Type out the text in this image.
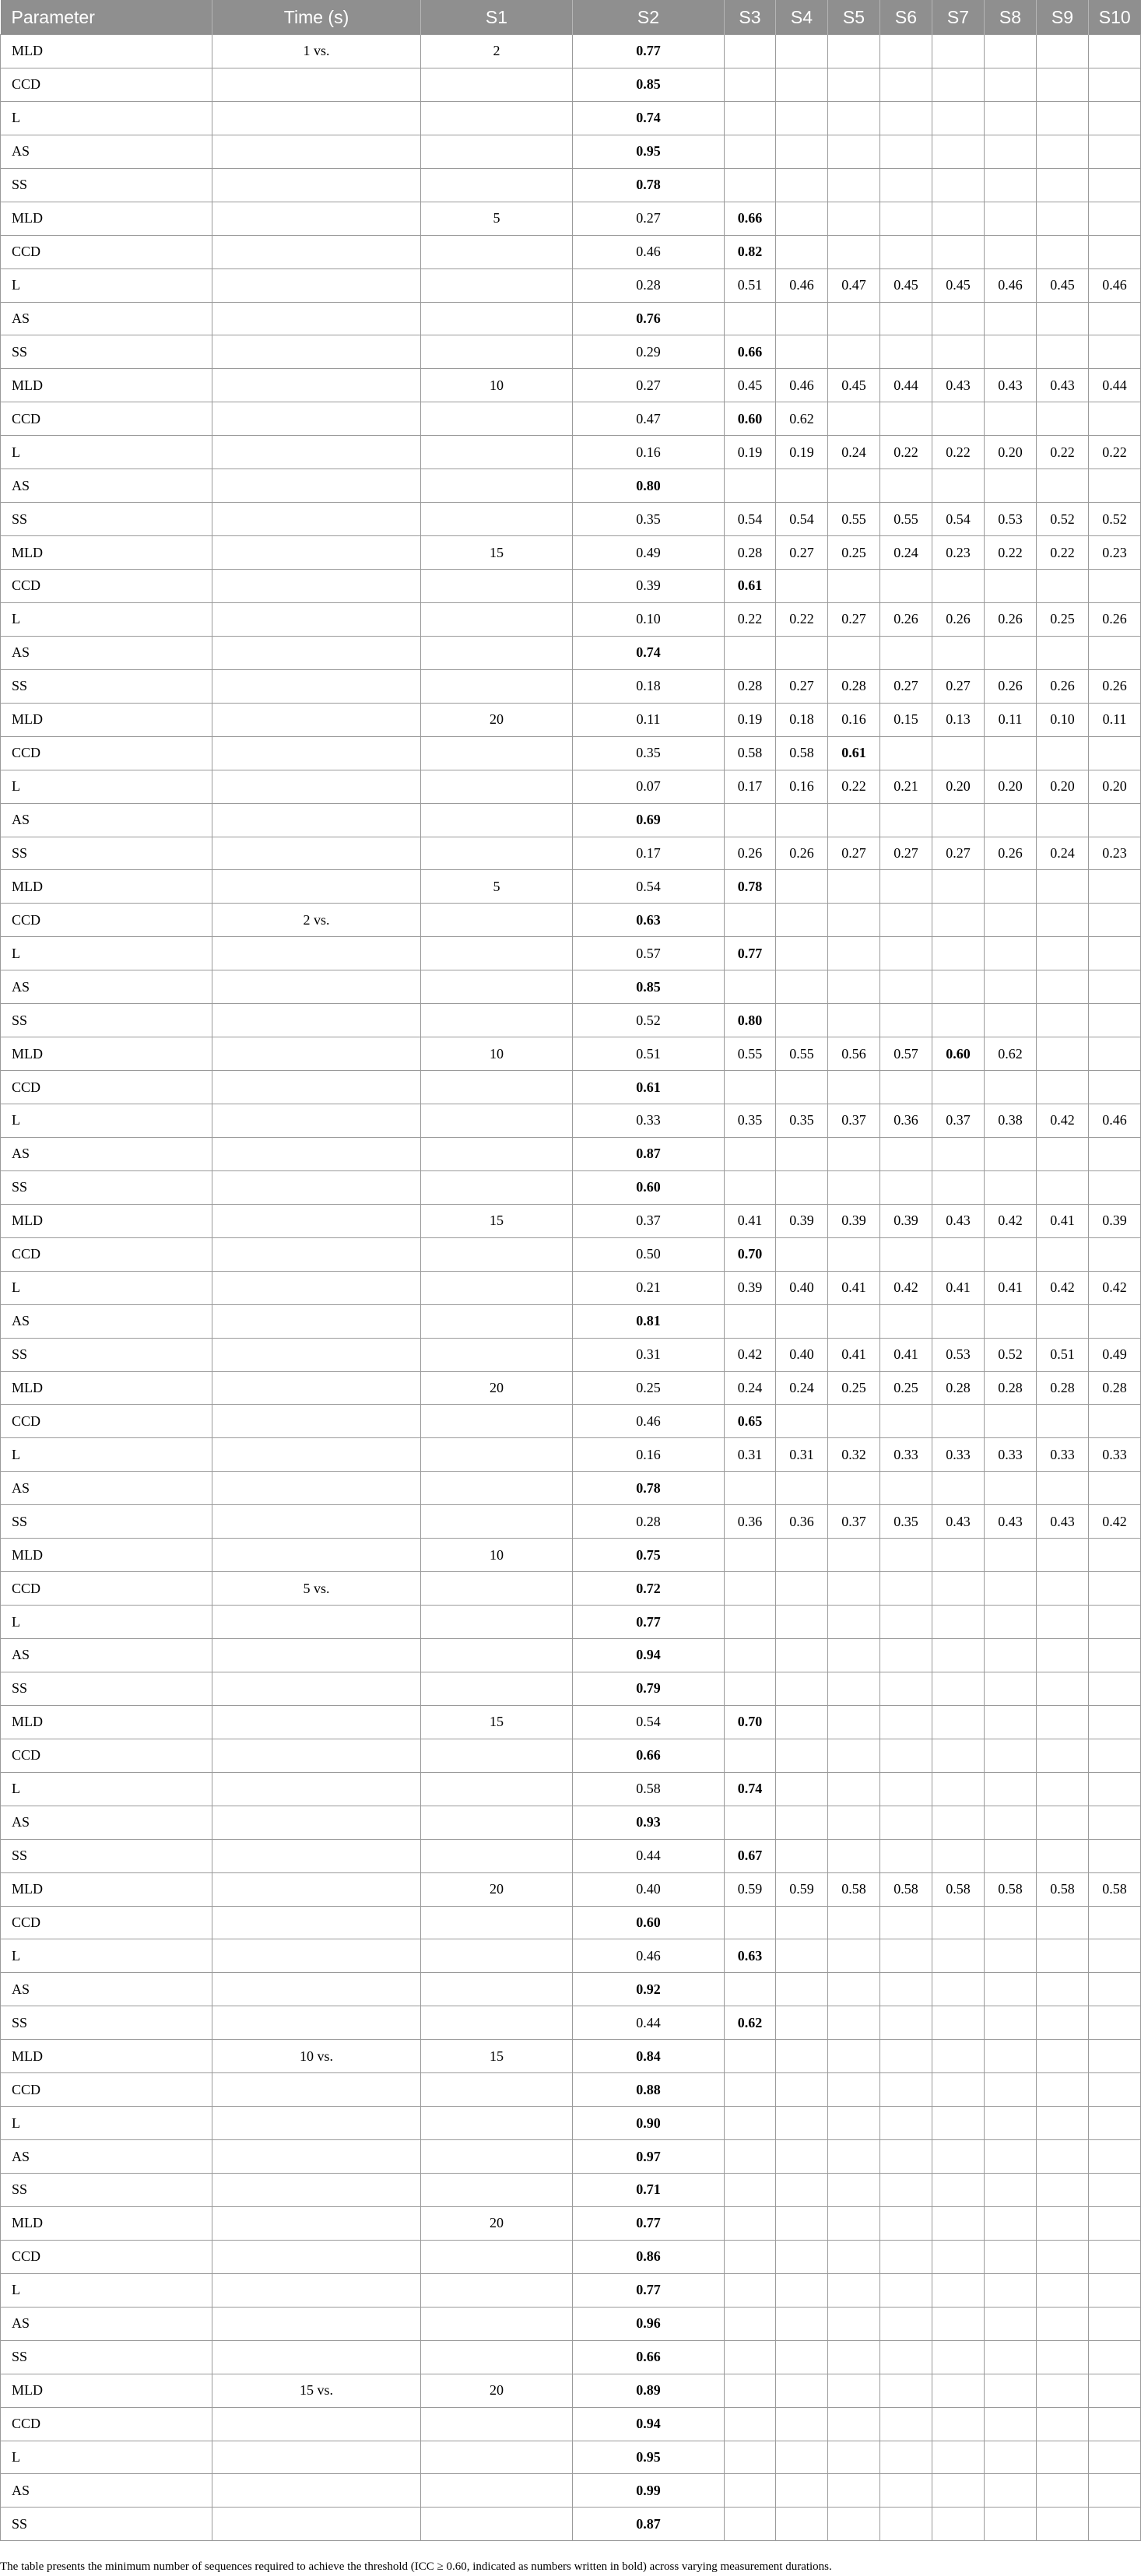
Parameter	Time (s)	S1	S2	S3	S4	S5	S6	S7	S8	S9	S10
MLD	1 vs.	2	0.77								
CCD			0.85								
L			0.74								
AS			0.95								
SS			0.78								
MLD		5	0.27	0.66							
CCD			0.46	0.82							
L			0.28	0.51	0.46	0.47	0.45	0.45	0.46	0.45	0.46
AS			0.76								
SS			0.29	0.66							
MLD		10	0.27	0.45	0.46	0.45	0.44	0.43	0.43	0.43	0.44
CCD			0.47	0.60	0.62						
L			0.16	0.19	0.19	0.24	0.22	0.22	0.20	0.22	0.22
AS			0.80								
SS			0.35	0.54	0.54	0.55	0.55	0.54	0.53	0.52	0.52
MLD		15	0.49	0.28	0.27	0.25	0.24	0.23	0.22	0.22	0.23
CCD			0.39	0.61							
L			0.10	0.22	0.22	0.27	0.26	0.26	0.26	0.25	0.26
AS			0.74								
SS			0.18	0.28	0.27	0.28	0.27	0.27	0.26	0.26	0.26
MLD		20	0.11	0.19	0.18	0.16	0.15	0.13	0.11	0.10	0.11
CCD			0.35	0.58	0.58	0.61					
L			0.07	0.17	0.16	0.22	0.21	0.20	0.20	0.20	0.20
AS			0.69								
SS			0.17	0.26	0.26	0.27	0.27	0.27	0.26	0.24	0.23
MLD		5	0.54	0.78							
CCD	2 vs.		0.63								
L			0.57	0.77							
AS			0.85								
SS			0.52	0.80							
MLD		10	0.51	0.55	0.55	0.56	0.57	0.60	0.62		
CCD			0.61								
L			0.33	0.35	0.35	0.37	0.36	0.37	0.38	0.42	0.46
AS			0.87								
SS			0.60								
MLD		15	0.37	0.41	0.39	0.39	0.39	0.43	0.42	0.41	0.39
CCD			0.50	0.70							
L			0.21	0.39	0.40	0.41	0.42	0.41	0.41	0.42	0.42
AS			0.81								
SS			0.31	0.42	0.40	0.41	0.41	0.53	0.52	0.51	0.49
MLD		20	0.25	0.24	0.24	0.25	0.25	0.28	0.28	0.28	0.28
CCD			0.46	0.65							
L			0.16	0.31	0.31	0.32	0.33	0.33	0.33	0.33	0.33
AS			0.78								
SS			0.28	0.36	0.36	0.37	0.35	0.43	0.43	0.43	0.42
MLD		10	0.75								
CCD	5 vs.		0.72								
L			0.77								
AS			0.94								
SS			0.79								
MLD		15	0.54	0.70							
CCD			0.66								
L			0.58	0.74							
AS			0.93								
SS			0.44	0.67							
MLD		20	0.40	0.59	0.59	0.58	0.58	0.58	0.58	0.58	0.58
CCD			0.60								
L			0.46	0.63							
AS			0.92								
SS			0.44	0.62							
MLD	10 vs.	15	0.84								
CCD			0.88								
L			0.90								
AS			0.97								
SS			0.71								
MLD		20	0.77								
CCD			0.86								
L			0.77								
AS			0.96								
SS			0.66								
MLD	15 vs.	20	0.89								
CCD			0.94								
L			0.95								
AS			0.99								
SS			0.87								
The table presents the minimum number of sequences required to achieve the threshold (ICC ≥ 0.60, indicated as numbers written in bold) across varying measurement durations.
